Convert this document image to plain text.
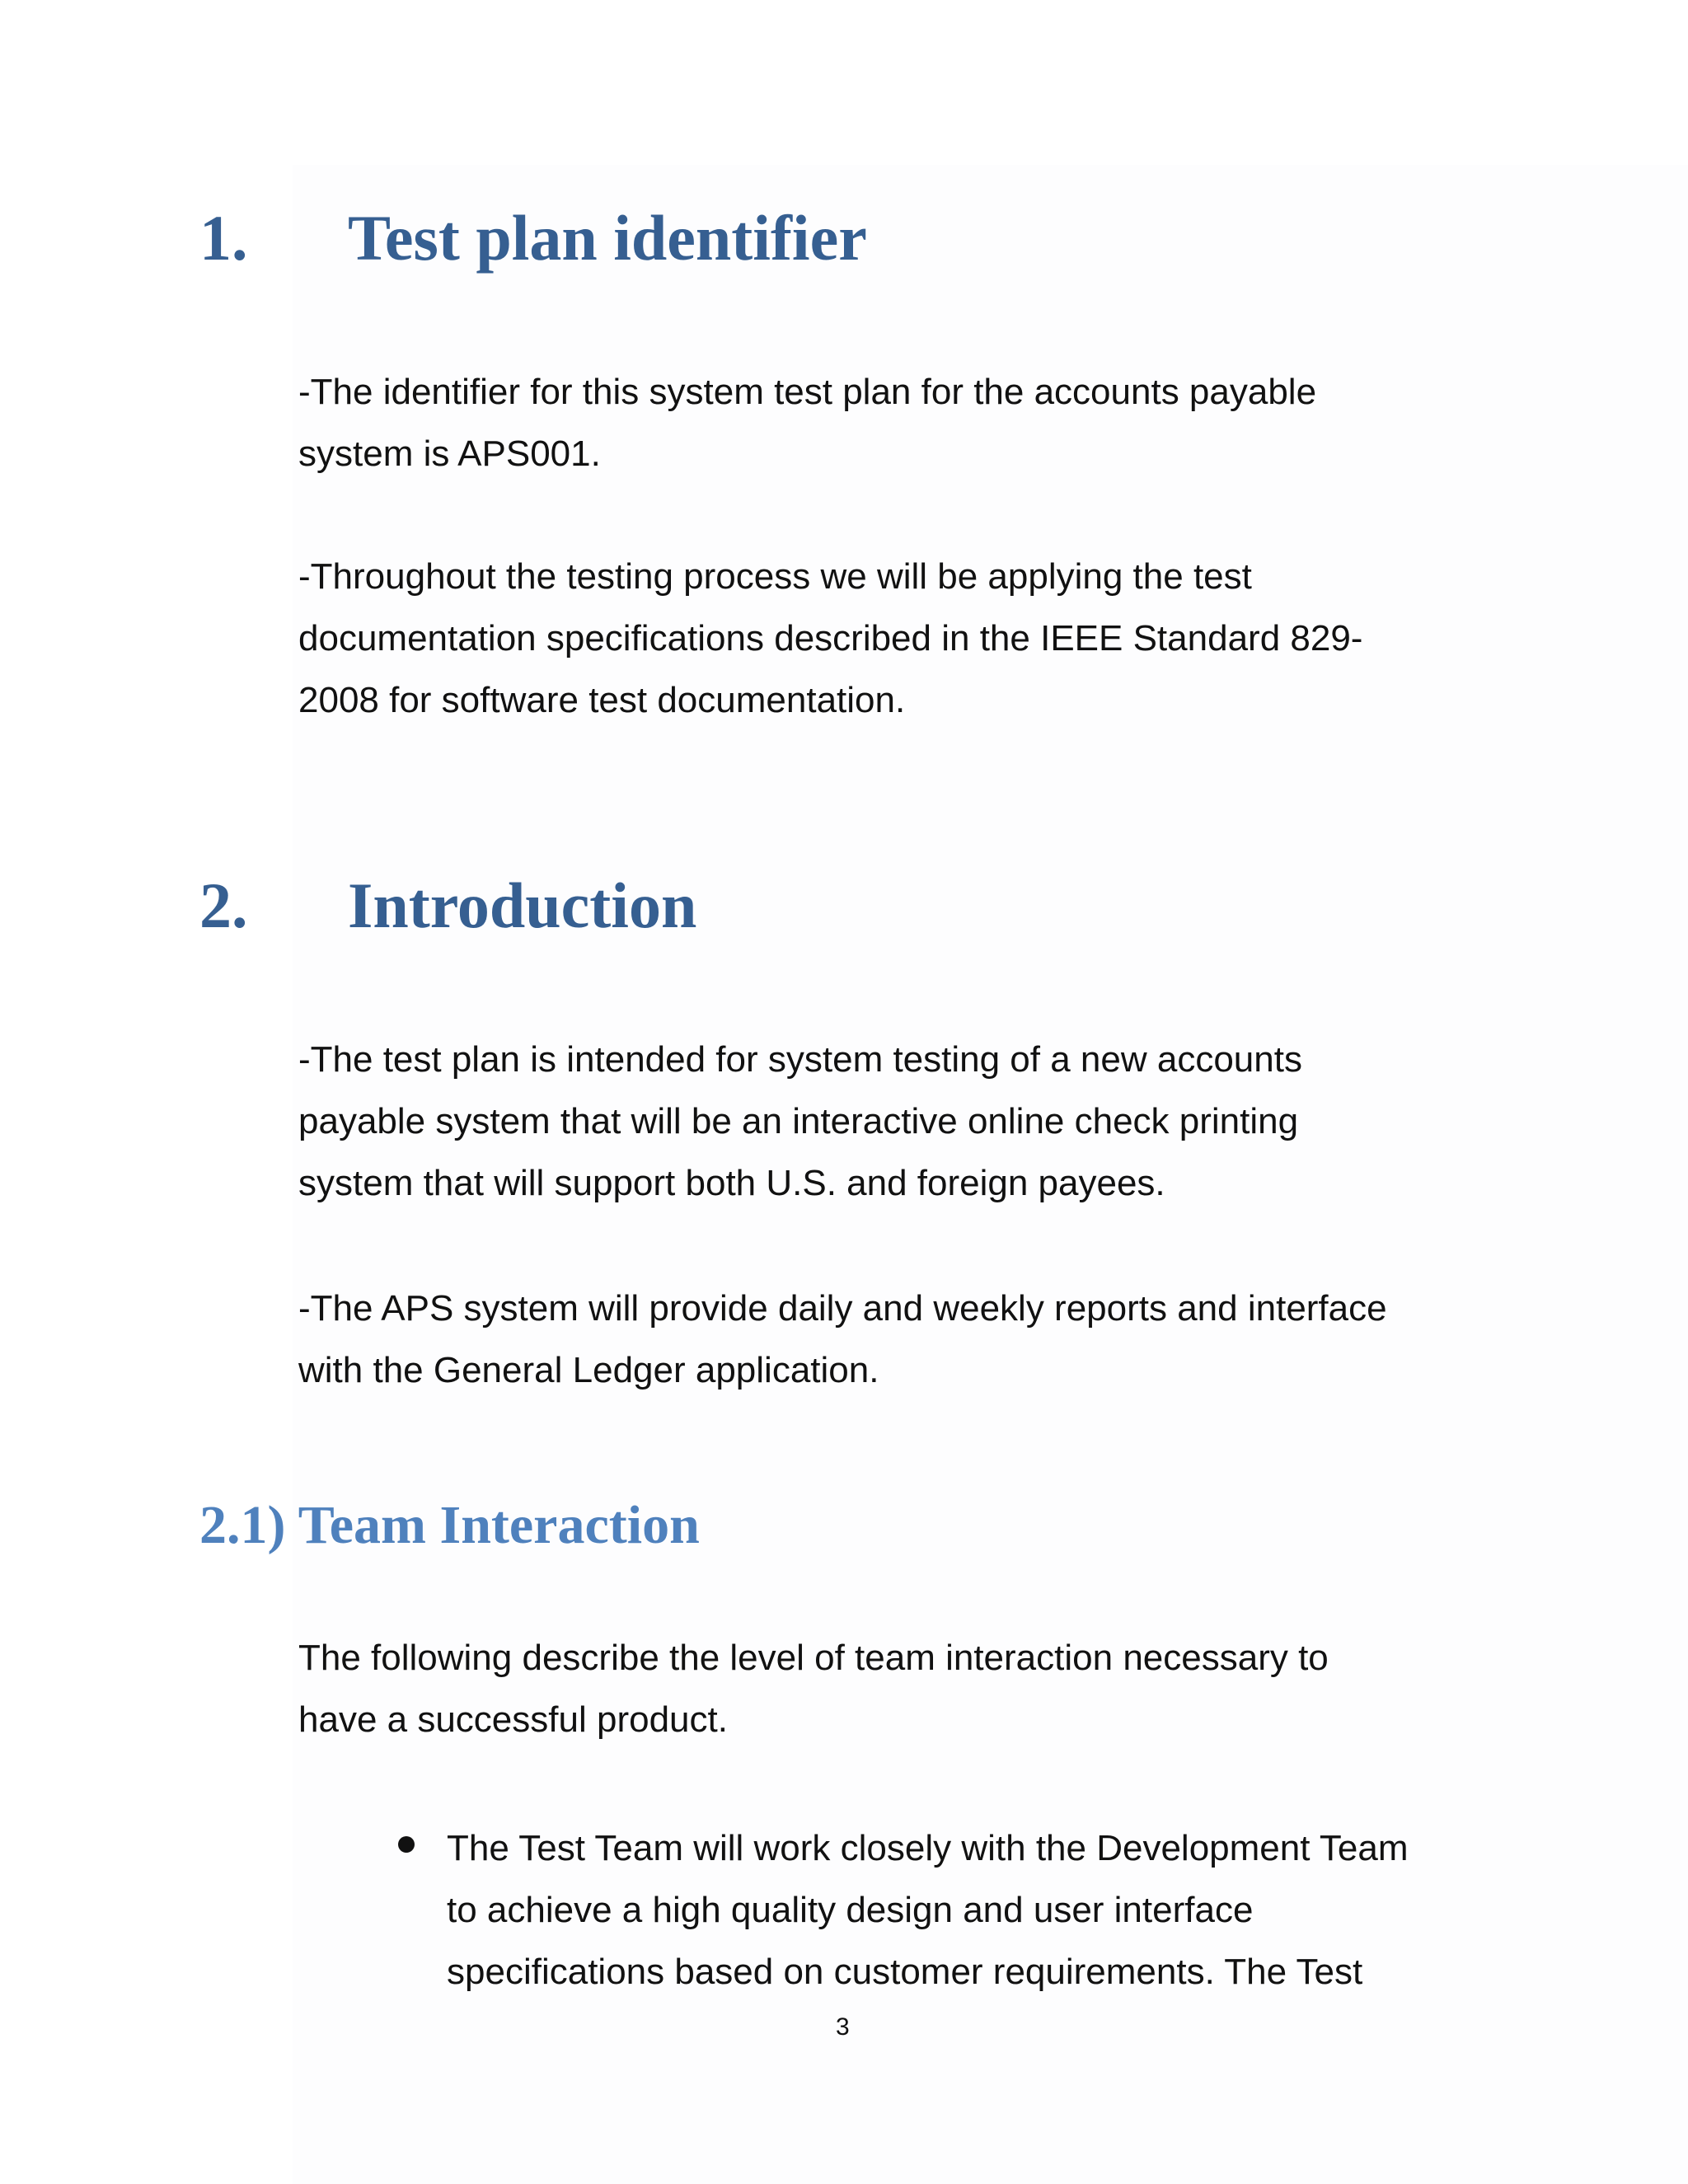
1. Test plan identifier
-The identifier for this system test plan for the accounts payable
system is APS001.
-Throughout the testing process we will be applying the test
documentation specifications described in the IEEE Standard 829-
2008 for software test documentation.
2. Introduction
-The test plan is intended for system testing of a new accounts
payable system that will be an interactive online check printing
system that will support both U.S. and foreign payees.
-The APS system will provide daily and weekly reports and interface
with the General Ledger application.
2.1) Team Interaction
The following describe the level of team interaction necessary to
have a successful product.
The Test Team will work closely with the Development Team
to achieve a high quality design and user interface
specifications based on customer requirements. The Test
3
